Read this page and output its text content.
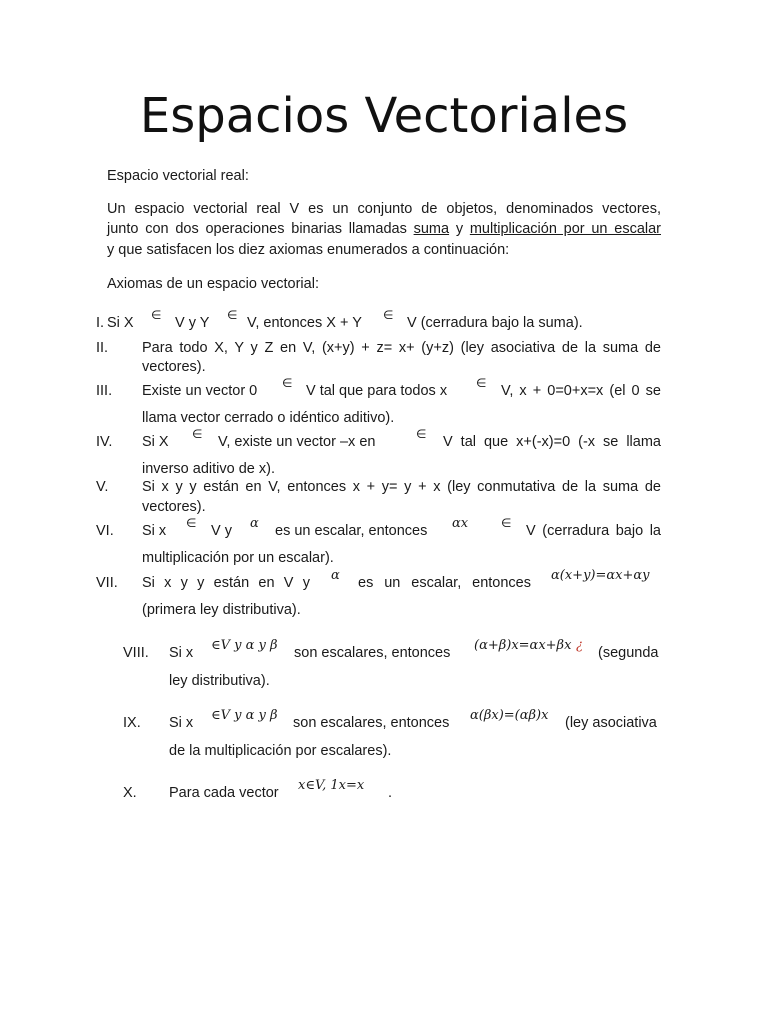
Espacios Vectoriales
Espacio vectorial real:
Un espacio vectorial real V es un conjunto de objetos, denominados vectores,
junto con dos operaciones binarias llamadas suma y multiplicación por un escalar
y que satisfacen los diez axiomas enumerados a continuación:
Axiomas de un espacio vectorial:
I. Si X ∈ V y Y ∈ V, entonces X + Y ∈ V (cerradura bajo la suma).
II. Para todo X, Y y Z en V, (x+y) + z= x+ (y+z) (ley asociativa de la suma de
vectores).
III. Existe un vector 0 ∈ V tal que para todos x ∈ V, x + 0=0+x=x (el 0 se
llama vector cerrado o idéntico aditivo).
IV. Si X ∈ V, existe un vector –x en	∈ V tal que x+(-x)=0 (-x se llama
inverso aditivo de x).
V. Si x y y están en V, entonces x + y= y + x (ley conmutativa de la suma de
vectores).
VI. Si x ∈ V y α es un escalar, entonces αx	∈ V (cerradura bajo la
multiplicación por un escalar).
VII. Si x y y están en V y α es un escalar, entonces α(x+y)=αx+αy
(primera ley distributiva).
VIII. Si x ∈V y α y β son escalares, entonces (α+β)x=αx+βx ¿ (segunda
ley distributiva).
IX. Si x ∈V y α y β son escalares, entonces α(βx)=(αβ)x (ley asociativa
de la multiplicación por escalares).
X. Para cada vector x∈V, 1x=x .
